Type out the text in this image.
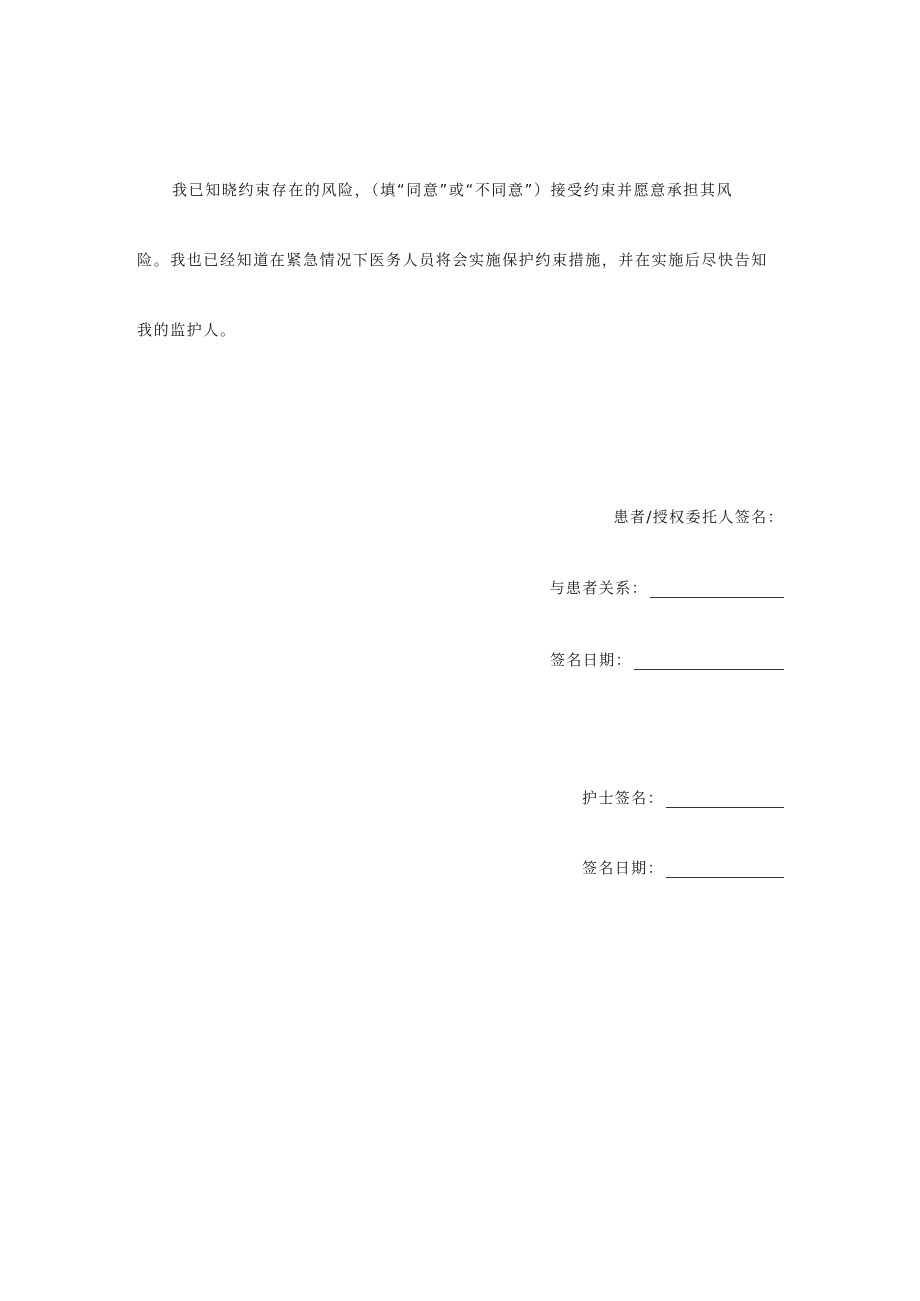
我已知晓约束存在的风险，（填“同意”或“不同意”）接受约束并愿意承担其风
险。我也已经知道在紧急情况下医务人员将会实施保护约束措施，并在实施后尽快告知
我的监护人。
患者/授权委托人签名：
与患者关系：
签名日期：
护士签名：
签名日期：
